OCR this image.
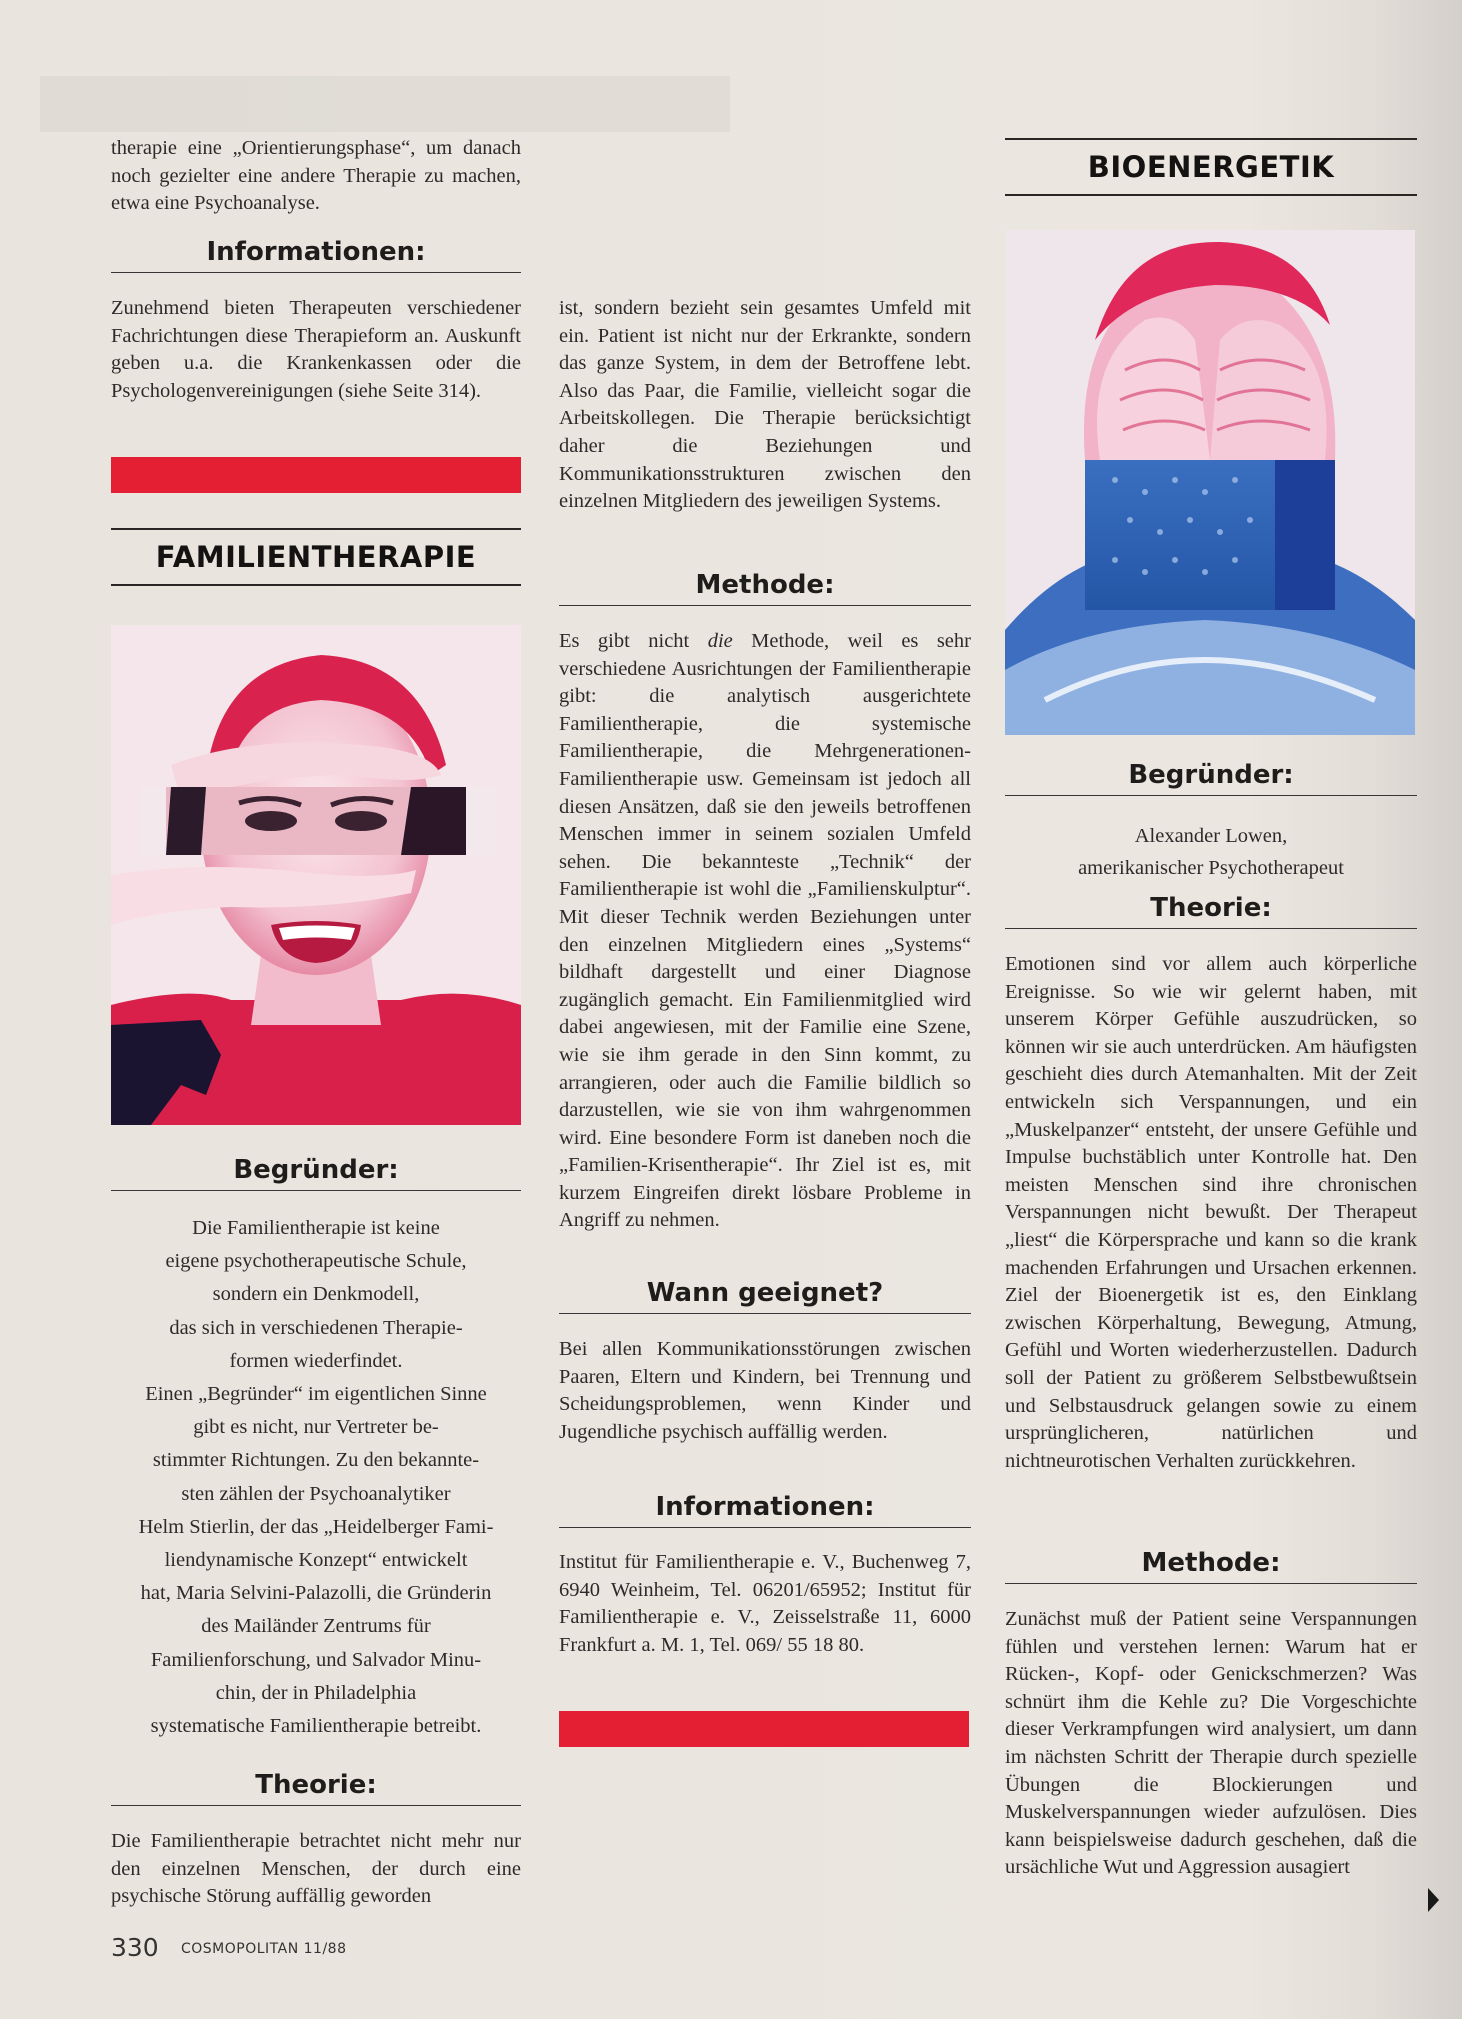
therapie eine „Orientierungsphase“, um danach noch gezielter eine andere Therapie zu machen, etwa eine Psychoanalyse.

Informationen:

Zunehmend bieten Therapeuten verschiedener Fachrichtungen diese Therapieform an. Auskunft geben u.a. die Krankenkassen oder die Psychologenvereinigungen (siehe Seite 314).

FAMILIENTHERAPIE
Begründer:
Die Familientherapie ist keine
eigene psychotherapeutische Schule,
sondern ein Denkmodell,
das sich in verschiedenen Therapie-
formen wiederfindet.
Einen „Begründer“ im eigentlichen Sinne
gibt es nicht, nur Vertreter be-
stimmter Richtungen. Zu den bekannte-
sten zählen der Psychoanalytiker
Helm Stierlin, der das „Heidelberger Fami-
liendynamische Konzept“ entwickelt
hat, Maria Selvini-Palazolli, die Gründerin
des Mailänder Zentrums für
Familienforschung, und Salvador Minu-
chin, der in Philadelphia
systematische Familientherapie betreibt.
Theorie:

Die Familientherapie betrachtet nicht mehr nur den einzelnen Menschen, der durch eine psychische Störung auffällig geworden

ist, sondern bezieht sein gesamtes Umfeld mit ein. Patient ist nicht nur der Erkrankte, sondern das ganze System, in dem der Betroffene lebt. Also das Paar, die Familie, vielleicht sogar die Arbeitskollegen. Die Therapie berücksichtigt daher die Beziehungen und Kommunikationsstrukturen zwischen den einzelnen Mitgliedern des jeweiligen Systems.

Methode:

Es gibt nicht die Methode, weil es sehr verschiedene Ausrichtungen der Familientherapie gibt: die analytisch ausgerichtete Familientherapie, die systemische Familientherapie, die Mehrgenerationen-Familientherapie usw. Gemeinsam ist jedoch all diesen Ansätzen, daß sie den jeweils betroffenen Menschen immer in seinem sozialen Umfeld sehen. Die bekannteste „Technik“ der Familientherapie ist wohl die „Familienskulptur“. Mit dieser Technik werden Beziehungen unter den einzelnen Mitgliedern eines „Systems“ bildhaft dargestellt und einer Diagnose zugänglich gemacht. Ein Familienmitglied wird dabei angewiesen, mit der Familie eine Szene, wie sie ihm gerade in den Sinn kommt, zu arrangieren, oder auch die Familie bildlich so darzustellen, wie sie von ihm wahrgenommen wird. Eine besondere Form ist daneben noch die „Familien-Krisentherapie“. Ihr Ziel ist es, mit kurzem Eingreifen direkt lösbare Probleme in Angriff zu nehmen.

Wann geeignet?

Bei allen Kommunikationsstörungen zwischen Paaren, Eltern und Kindern, bei Trennung und Scheidungsproblemen, wenn Kinder und Jugendliche psychisch auffällig werden.

Informationen:

Institut für Familientherapie e. V., Buchenweg 7, 6940 Weinheim, Tel. 06201/65952; Institut für Familientherapie e. V., Zeisselstraße 11, 6000 Frankfurt a. M. 1, Tel. 069/ 55 18 80.

BIOENERGETIK
Begründer:
Alexander Lowen,
amerikanischer Psychotherapeut
Theorie:

Emotionen sind vor allem auch körperliche Ereignisse. So wie wir gelernt haben, mit unserem Körper Gefühle auszudrücken, so können wir sie auch unterdrücken. Am häufigsten geschieht dies durch Atemanhalten. Mit der Zeit entwickeln sich Verspannungen, und ein „Muskelpanzer“ entsteht, der unsere Gefühle und Impulse buchstäblich unter Kontrolle hat. Den meisten Menschen sind ihre chronischen Verspannungen nicht bewußt. Der Therapeut „liest“ die Körpersprache und kann so die krank machenden Erfahrungen und Ursachen erkennen. Ziel der Bioenergetik ist es, den Einklang zwischen Körperhaltung, Bewegung, Atmung, Gefühl und Worten wiederherzustellen. Dadurch soll der Patient zu größerem Selbstbewußtsein und Selbstausdruck gelangen sowie zu einem ursprünglicheren, natürlichen und nichtneurotischen Verhalten zurückkehren.

Methode:

Zunächst muß der Patient seine Verspannungen fühlen und verstehen lernen: Warum hat er Rücken-, Kopf- oder Genickschmerzen? Was schnürt ihm die Kehle zu? Die Vorgeschichte dieser Verkrampfungen wird analysiert, um dann im nächsten Schritt der Therapie durch spezielle Übungen die Blockierungen und Muskelverspannungen wieder aufzulösen. Dies kann beispielsweise dadurch geschehen, daß die ursächliche Wut und Aggression ausagiert

330 COSMOPOLITAN 11/88
